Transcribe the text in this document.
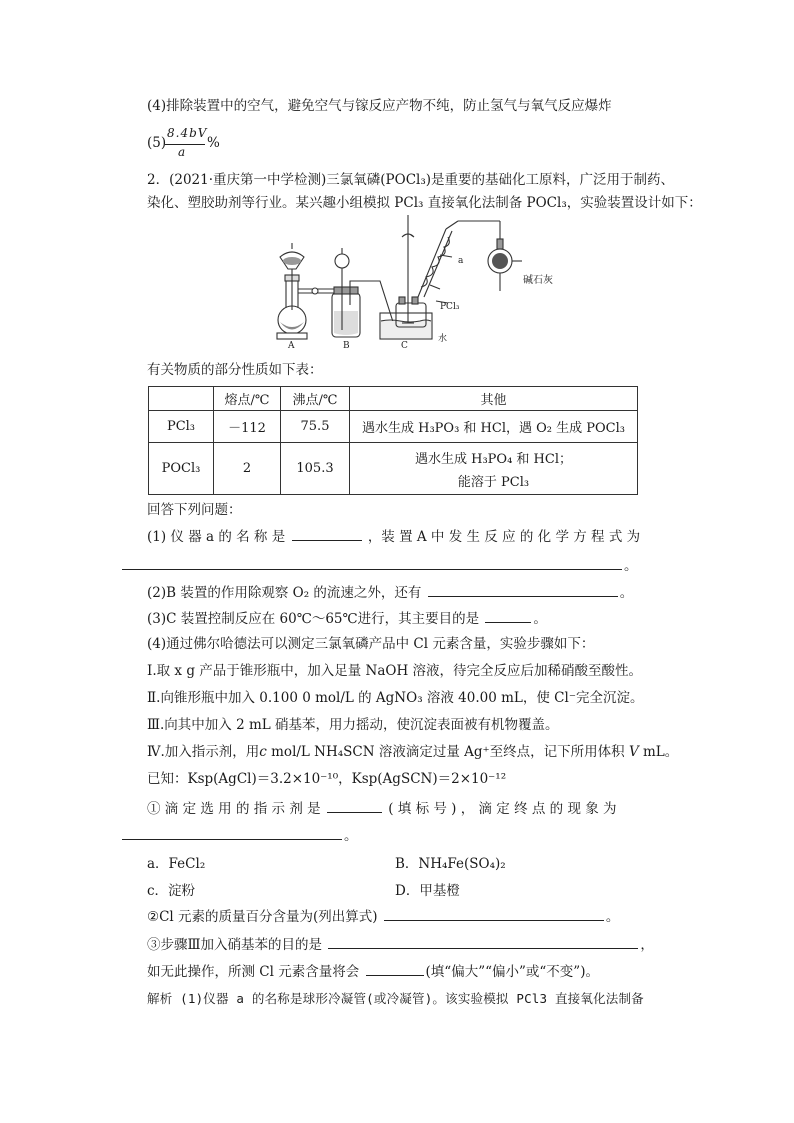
(4)排除装置中的空气，避免空气与镓反应产物不纯，防止氢气与氧气反应爆炸
(5)
8.4bV
a
%
2．(2021·重庆第一中学检测)三氯氧磷(POCl₃)是重要的基础化工原料，广泛用于制药、
染化、塑胶助剂等行业。某兴趣小组模拟 PCl₃ 直接氧化法制备 POCl₃，实验装置设计如下：
A	B	C
a
PCl₃
水
碱石灰
有关物质的部分性质如下表：
	熔点/℃	沸点/℃	其他
PCl₃	－112	75.5	遇水生成 H₃PO₃ 和 HCl，遇 O₂ 生成 POCl₃
POCl₃	2	105.3	遇水生成 H₃PO₄ 和 HCl；
能溶于 PCl₃
回答下列问题：
(1) 仪 器 a 的 名 称 是	，装 置 A 中 发 生 反 应 的 化 学 方 程 式 为
。
(2)B 装置的作用除观察 O₂ 的流速之外，还有	。
(3)C 装置控制反应在 60℃～65℃进行，其主要目的是	。
(4)通过佛尔哈德法可以测定三氯氧磷产品中 Cl 元素含量，实验步骤如下：
Ⅰ.取 x g 产品于锥形瓶中，加入足量 NaOH 溶液，待完全反应后加稀硝酸至酸性。
Ⅱ.向锥形瓶中加入 0.100 0 mol/L 的 AgNO₃ 溶液 40.00 mL，使 Cl⁻完全沉淀。
Ⅲ.向其中加入 2 mL 硝基苯，用力摇动，使沉淀表面被有机物覆盖。
Ⅳ.加入指示剂，用c mol/L NH₄SCN 溶液滴定过量 Ag⁺至终点，记下所用体积 V mL。
已知：Ksp(AgCl)＝3.2×10⁻¹⁰，Ksp(AgSCN)＝2×10⁻¹²
① 滴 定 选 用 的 指 示 剂 是	( 填 标 号 ) ， 滴 定 终 点 的 现 象 为
。
a．FeCl₂	B．NH₄Fe(SO₄)₂
c．淀粉	D．甲基橙
②Cl 元素的质量百分含量为(列出算式)	。
③步骤Ⅲ加入硝基苯的目的是	，
如无此操作，所测 Cl 元素含量将会	(填“偏大”“偏小”或“不变”)。
解析 (1)仪器 a 的名称是球形冷凝管(或冷凝管)。该实验模拟 PCl3 直接氧化法制备
